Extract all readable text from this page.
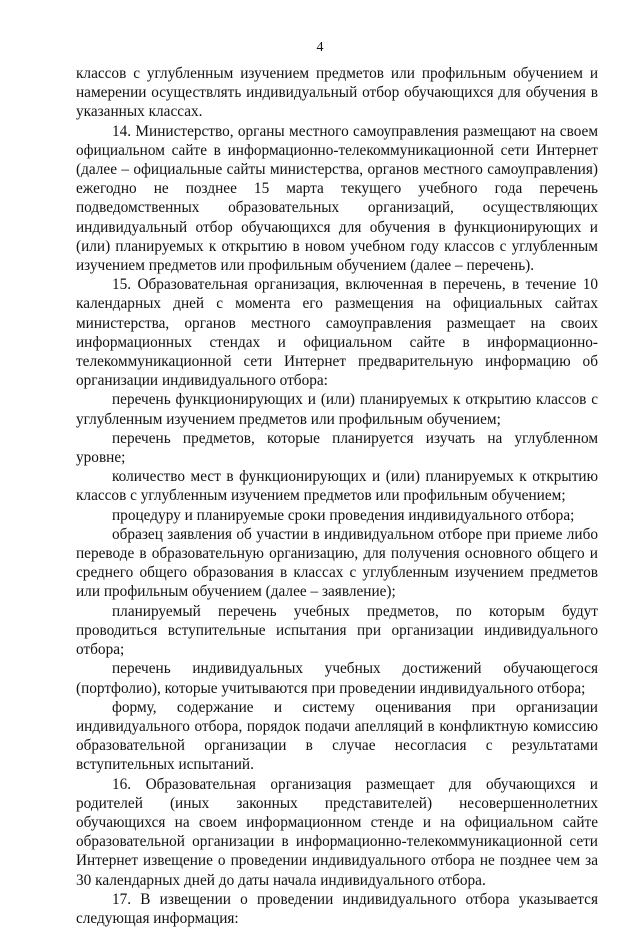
4

классов с углубленным изучением предметов или профильным обучением и намерении осуществлять индивидуальный отбор обучающихся для обучения в указанных классах.

14. Министерство, органы местного самоуправления размещают на своем официальном сайте в информационно-телекоммуникационной сети Интернет (далее – официальные сайты министерства, органов местного самоуправления) ежегодно не позднее 15 марта текущего учебного года перечень подведомственных образовательных организаций, осуществляющих индивидуальный отбор обучающихся для обучения в функционирующих и (или) планируемых к открытию в новом учебном году классов с углубленным изучением предметов или профильным обучением (далее – перечень).

15. Образовательная организация, включенная в перечень, в течение 10 календарных дней с момента его размещения на официальных сайтах министерства, органов местного самоуправления размещает на своих информационных стендах и официальном сайте в информационно-телекоммуникационной сети Интернет предварительную информацию об организации индивидуального отбора:

перечень функционирующих и (или) планируемых к открытию классов с углубленным изучением предметов или профильным обучением;

перечень предметов, которые планируется изучать на углубленном уровне;

количество мест в функционирующих и (или) планируемых к открытию классов с углубленным изучением предметов или профильным обучением;

процедуру и планируемые сроки проведения индивидуального отбора;

образец заявления об участии в индивидуальном отборе при приеме либо переводе в образовательную организацию, для получения основного общего и среднего общего образования в классах с углубленным изучением предметов или профильным обучением (далее – заявление);

планируемый перечень учебных предметов, по которым будут проводиться вступительные испытания при организации индивидуального отбора;

перечень индивидуальных учебных достижений обучающегося (портфолио), которые учитываются при проведении индивидуального отбора;

форму, содержание и систему оценивания при организации индивидуального отбора, порядок подачи апелляций в конфликтную комиссию образовательной организации в случае несогласия с результатами вступительных испытаний.

16. Образовательная организация размещает для обучающихся и родителей (иных законных представителей) несовершеннолетних обучающихся на своем информационном стенде и на официальном сайте образовательной организации в информационно-телекоммуникационной сети Интернет извещение о проведении индивидуального отбора не позднее чем за 30 календарных дней до даты начала индивидуального отбора.

17. В извещении о проведении индивидуального отбора указывается следующая информация:
